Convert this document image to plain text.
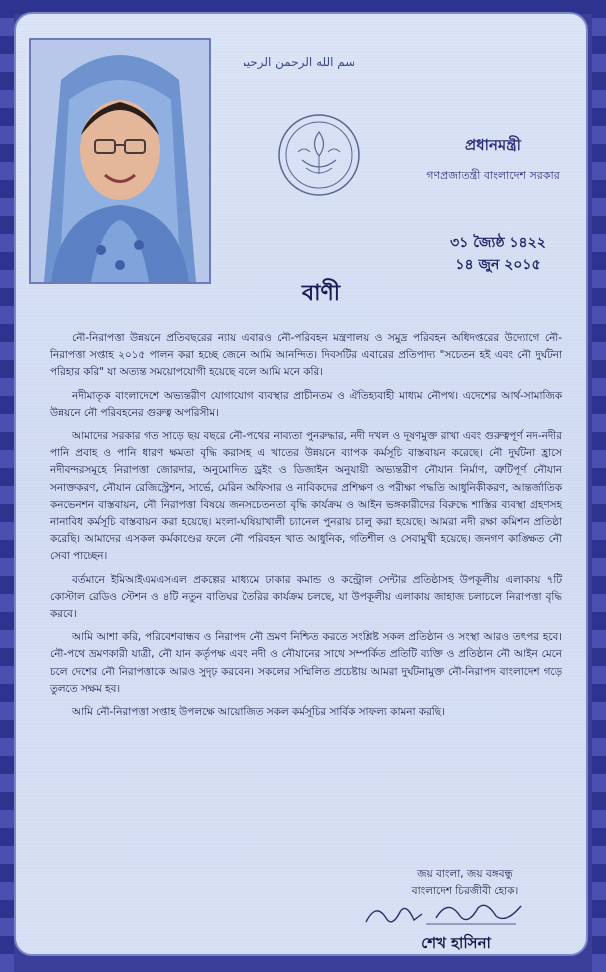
بسم الله الرحمن الرحيم
প্রধানমন্ত্রী
গণপ্রজাতন্ত্রী বাংলাদেশ সরকার
৩১ জ্যৈষ্ঠ ১৪২২
১৪ জুন ২০১৫
বাণী

নৌ-নিরাপত্তা উন্নয়নে প্রতিবছরের ন্যায় এবারও নৌ-পরিবহন মন্ত্রণালয় ও সমুদ্র পরিবহন অধিদপ্তরের উদ্যোগে নৌ-নিরাপত্তা সপ্তাহ ২০১৫ পালন করা হচ্ছে জেনে আমি আনন্দিত। দিবসটির এবারের প্রতিপাদ্য "সচেতন হই এবং নৌ দুর্ঘটনা পরিহার করি" যা অত্যন্ত সময়োপযোগী হয়েছে বলে আমি মনে করি।

নদীমাতৃক বাংলাদেশে অভ্যন্তরীণ যোগাযোগ ব্যবস্থার প্রাচীনতম ও ঐতিহ্যবাহী মাধ্যম নৌপথ। এদেশের আর্থ-সামাজিক উন্নয়নে নৌ পরিবহনের গুরুত্ব অপরিসীম।

আমাদের সরকার গত সাড়ে ছয় বছরে নৌ-পথের নাব্যতা পুনরুদ্ধার, নদী দখল ও দূষণমুক্ত রাখা এবং গুরুত্বপূর্ণ নদ-নদীর পানি প্রবাহ ও পানি ধারণ ক্ষমতা বৃদ্ধি করাসহ এ খাতের উন্নয়নে ব্যাপক কর্মসূচি বাস্তবায়ন করেছে। নৌ দুর্ঘটনা হ্রাসে নদীবন্দরসমূহে নিরাপত্তা জোরদার, অনুমোদিত ড্রইং ও ডিজাইন অনুযায়ী অভ্যন্তরীণ নৌযান নির্মাণ, ত্রুটিপূর্ণ নৌযান সনাক্তকরণ, নৌযান রেজিস্ট্রেশন, সার্ভে, মেরিন অফিসার ও নাবিকদের প্রশিক্ষণ ও পরীক্ষা পদ্ধতি আধুনিকীকরণ, আন্তর্জাতিক কনভেনশন বাস্তবায়ন, নৌ নিরাপত্তা বিষয়ে জনসচেতনতা বৃদ্ধি কার্যক্রম ও আইন ভঙ্গকারীদের বিরুদ্ধে শাস্তির ব্যবস্থা গ্রহণসহ নানাবিধ কর্মসূচি বাস্তবায়ন করা হয়েছে। মংলা-ঘষিয়াখালী চ্যানেল পুনরায় চালু করা হয়েছে। আমরা নদী রক্ষা কমিশন প্রতিষ্ঠা করেছি। আমাদের এসকল কর্মকাণ্ডের ফলে নৌ পরিবহন খাত আধুনিক, গতিশীল ও সেবামুখী হয়েছে। জনগণ কাঙ্ক্ষিত নৌ সেবা পাচ্ছেন।

বর্তমানে ইমিআইএমএসএল প্রকল্পের মাধ্যমে ঢাকার কমান্ড ও কন্ট্রোল সেন্টার প্রতিষ্ঠাসহ উপকূলীয় এলাকায় ৭টি কোস্টাল রেডিও স্টেশন ও ৪টি নতুন বাতিঘর তৈরির কার্যক্রম চলছে, যা উপকূলীয় এলাকায় জাহাজ চলাচলে নিরাপত্তা বৃদ্ধি করবে।

আমি আশা করি, পরিবেশবান্ধব ও নিরাপদ নৌ ভ্রমণ নিশ্চিত করতে সংশ্লিষ্ট সকল প্রতিষ্ঠান ও সংস্থা আরও তৎপর হবে। নৌ-পথে ভ্রমণকারী যাত্রী, নৌ যান কর্তৃপক্ষ এবং নদী ও নৌযানের সাথে সম্পর্কিত প্রতিটি ব্যক্তি ও প্রতিষ্ঠান নৌ আইন মেনে চলে দেশের নৌ নিরাপত্তাকে আরও সুদৃঢ় করবেন। সকলের সম্মিলিত প্রচেষ্টায় আমরা দুর্ঘটনামুক্ত নৌ-নিরাপদ বাংলাদেশ গড়ে তুলতে সক্ষম হব।

আমি নৌ-নিরাপত্তা সপ্তাহ উপলক্ষে আয়োজিত সকল কর্মসূচির সার্বিক সাফল্য কামনা করছি।

জয় বাংলা, জয় বঙ্গবন্ধু
বাংলাদেশ চিরজীবী হোক।
শেখ হাসিনা
